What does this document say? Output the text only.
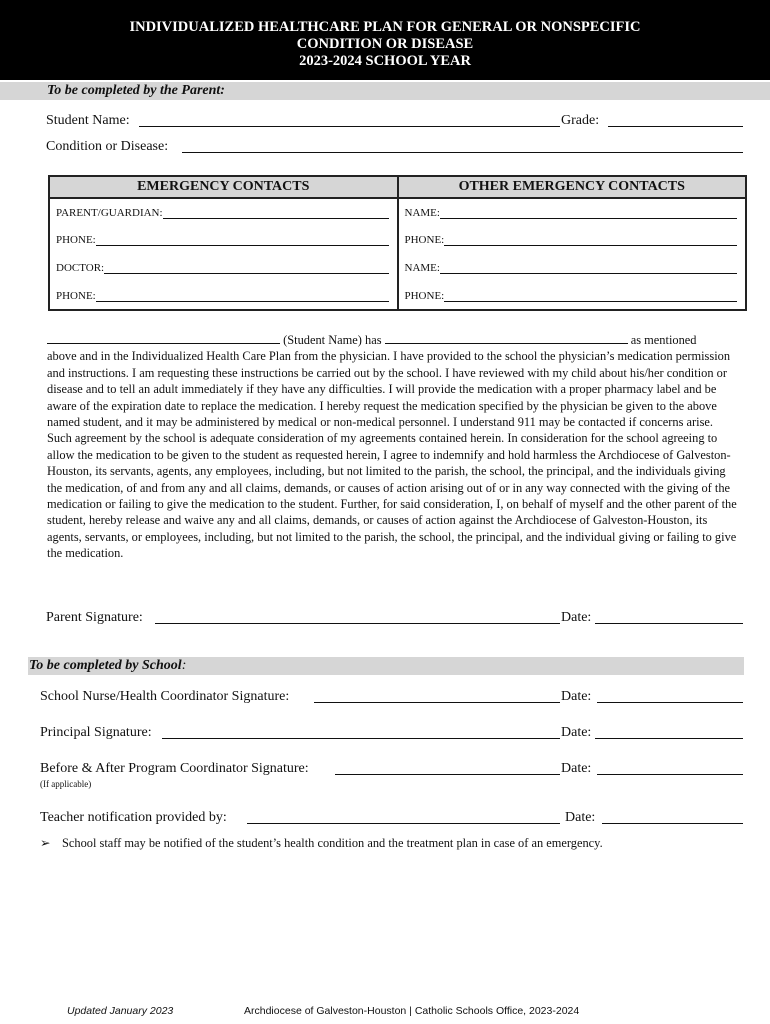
INDIVIDUALIZED HEALTHCARE PLAN FOR GENERAL OR NONSPECIFIC
CONDITION OR DISEASE
2023-2024 SCHOOL YEAR
To be completed by the Parent:
Student Name:	Grade:
Condition or Disease:
EMERGENCY CONTACTS	OTHER EMERGENCY CONTACTS

PARENT/GUARDIAN:	NAME:

PHONE:	PHONE:

DOCTOR:	NAME:

PHONE:	PHONE:

(Student Name) has	as mentioned

above and in the Individualized Health Care Plan from the physician. I have provided to the school the physician’s medication permission and instructions. I am requesting these instructions be carried out by the school. I have reviewed with my child about his/her condition or disease and to tell an adult immediately if they have any difficulties. I will provide the medication with a proper pharmacy label and be aware of the expiration date to replace the medication. I hereby request the medication specified by the physician be given to the above named student, and it may be administered by medical or non-medical personnel. I understand 911 may be contacted if concerns arise.

Such agreement by the school is adequate consideration of my agreements contained herein. In consideration for the school agreeing to allow the medication to be given to the student as requested herein, I agree to indemnify and hold harmless the Archdiocese of Galveston-Houston, its servants, agents, any employees, including, but not limited to the parish, the school, the principal, and the individuals giving the medication, of and from any and all claims, demands, or causes of action arising out of or in any way connected with the giving of the medication or failing to give the medication to the student. Further, for said consideration, I, on behalf of myself and the other parent of the student, hereby release and waive any and all claims, demands, or causes of action against the Archdiocese of Galveston-Houston, its agents, servants, or employees, including, but not limited to the parish, the school, the principal, and the individual giving or failing to give the medication.

Parent Signature:	Date:
To be completed by School:
School Nurse/Health Coordinator Signature:	Date:
Principal Signature:	Date:
Before & After Program Coordinator Signature:	Date:
(If applicable)
Teacher notification provided by:	Date:
➢ School staff may be notified of the student’s health condition and the treatment plan in case of an emergency.
Updated January 2023	Archdiocese of Galveston-Houston | Catholic Schools Office, 2023-2024
